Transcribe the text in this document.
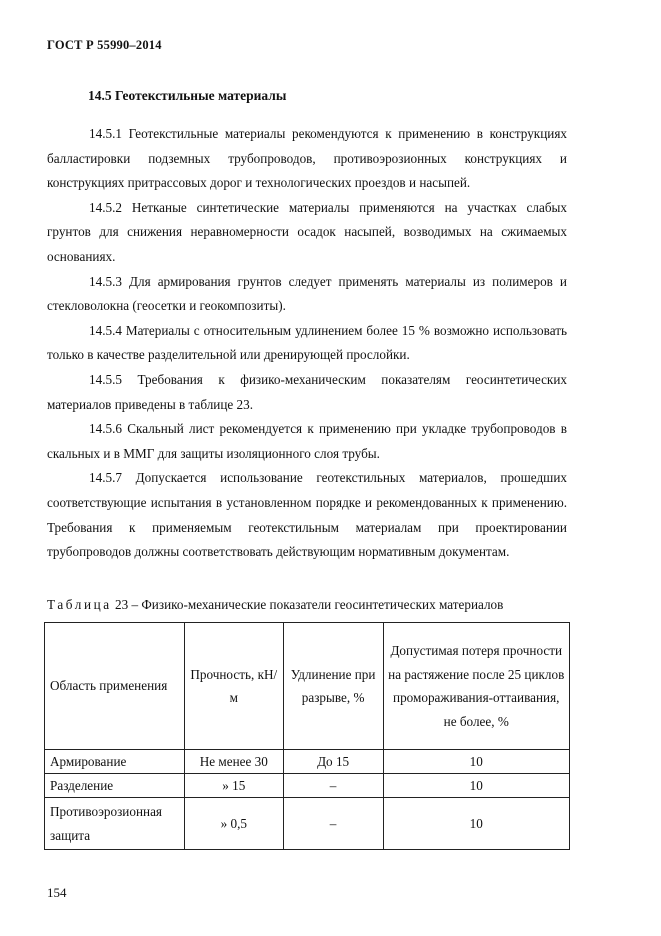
ГОСТ Р 55990–2014
14.5 Геотекстильные материалы

14.5.1 Геотекстильные материалы рекомендуются к применению в конструкциях балластировки подземных трубопроводов, противоэрозионных конструкциях и конструкциях притрассовых дорог и технологических проездов и насыпей.

14.5.2 Нетканые синтетические материалы применяются на участках слабых грунтов для снижения неравномерности осадок насыпей, возводимых на сжимаемых основаниях.

14.5.3 Для армирования грунтов следует применять материалы из полимеров и стекловолокна (геосетки и геокомпозиты).

14.5.4 Материалы с относительным удлинением более 15 % возможно использовать только в качестве разделительной или дренирующей прослойки.

14.5.5 Требования к физико-механическим показателям геосинтетических материалов приведены в таблице 23.

14.5.6 Скальный лист рекомендуется к применению при укладке трубопроводов в скальных и в ММГ для защиты изоляционного слоя трубы.

14.5.7 Допускается использование геотекстильных материалов, прошедших соответствующие испытания в установленном порядке и рекомендованных к применению. Требования к применяемым геотекстильным материалам при проектировании трубопроводов должны соответствовать действующим нормативным документам.

Таблица 23 – Физико-механические показатели геосинтетических материалов
Область применения	Прочность, кН/м	Удлинение при разрыве, %	Допустимая потеря прочности на растяжение после 25 циклов промораживания-оттаивания, не более, %
Армирование	Не менее 30	До 15	10
Разделение	» 15	–	10
Противоэрозионная защита	» 0,5	–	10
154
